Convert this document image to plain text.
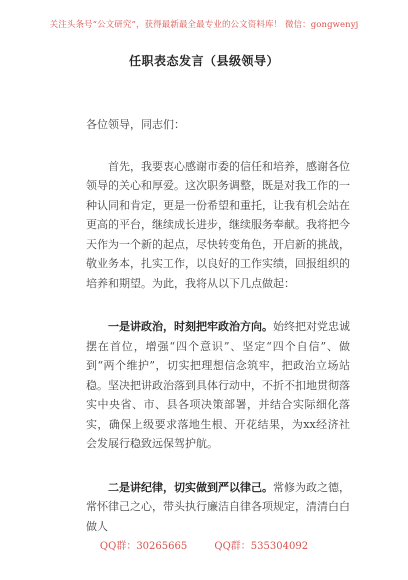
关注头条号“公文研究”，获得最新最全最专业的公文资料库！ 微信：gongwenyj
任职表态发言（县级领导）

各位领导，同志们：

首先，我要衷心感谢市委的信任和培养，感谢各位领导的关心和厚爱。这次职务调整，既是对我工作的一种认同和肯定，更是一份希望和重托，让我有机会站在更高的平台，继续成长进步，继续服务奉献。我将把今天作为一个新的起点，尽快转变角色，开启新的挑战，敬业务本，扎实工作，以良好的工作实绩，回报组织的培养和期望。为此，我将从以下几点做起：

一是讲政治，时刻把牢政治方向。始终把对党忠诚摆在首位，增强“四个意识”、坚定“四个自信”、做到“两个维护”，切实把理想信念筑牢，把政治立场站稳。坚决把讲政治落到具体行动中，不折不扣地贯彻落实中央省、市、县各项决策部署，并结合实际细化落实，确保上级要求落地生根、开花结果，为xx经济社会发展行稳致远保驾护航。

二是讲纪律，切实做到严以律己。常修为政之德，常怀律己之心，带头执行廉洁自律各项规定，清清白白做人

QQ群：30265665	QQ群：535304092
